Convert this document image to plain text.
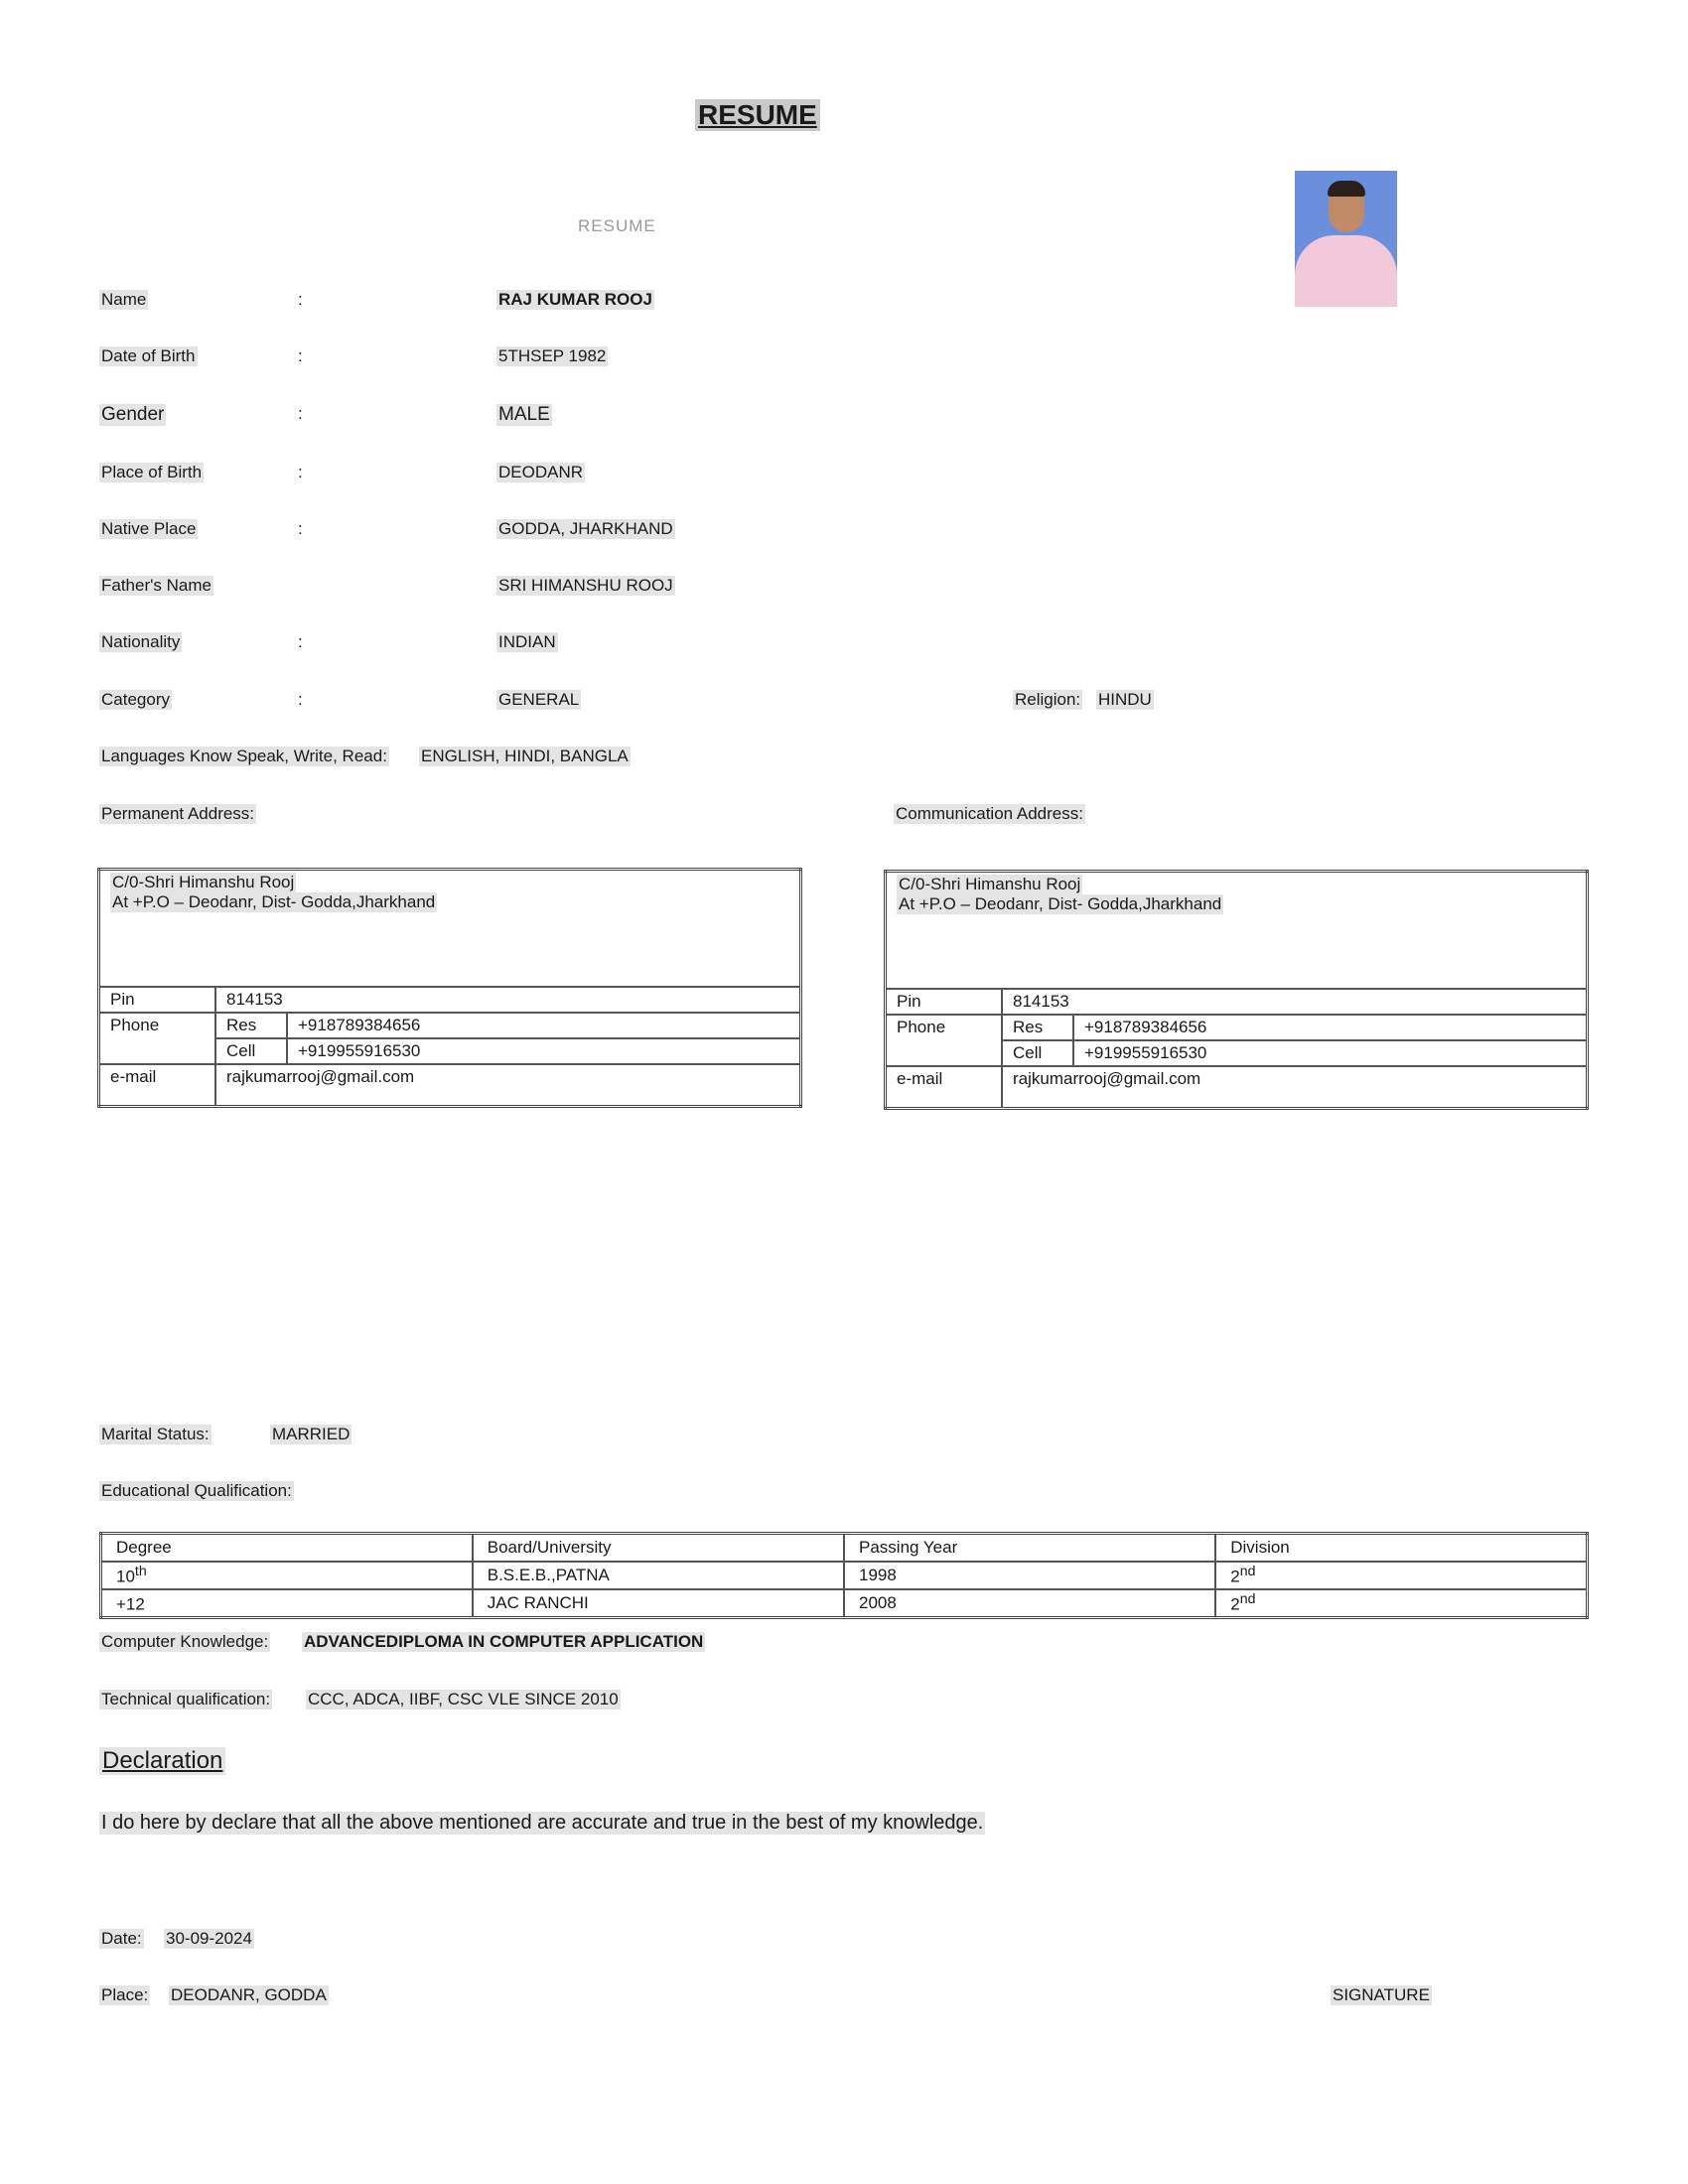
RESUME
RESUME
Name	:	RAJ KUMAR ROOJ
Date of Birth	:	5THSEP 1982
Gender	:	MALE
Place of Birth	:	DEODANR
Native Place	:	GODDA, JHARKHAND
Father's Name	SRI HIMANSHU ROOJ
Nationality	:	INDIAN
Category	:	GENERAL	Religion: HINDU
Languages Know Speak, Write, Read: ENGLISH, HINDI, BANGLA
Permanent Address:	Communication Address:
C/0-Shri Himanshu Rooj
At +P.O – Deodanr, Dist- Godda,Jharkhand		
Pin	814153	
Phone	Res	+918789384656
	Cell	+919955916530
e-mail	rajkumarrooj@gmail.com	
C/0-Shri Himanshu Rooj
At +P.O – Deodanr, Dist- Godda,Jharkhand		
Pin	814153	
Phone	Res	+918789384656
	Cell	+919955916530
e-mail	rajkumarrooj@gmail.com	
Marital Status:	MARRIED
Educational Qualification:
Degree	Board/University	Passing Year	Division
10th	B.S.E.B.,PATNA	1998	2nd
+12	JAC RANCHI	2008	2nd
Computer Knowledge: ADVANCEDIPLOMA IN COMPUTER APPLICATION
Technical qualification: CCC, ADCA, IIBF, CSC VLE SINCE 2010
Declaration
I do here by declare that all the above mentioned are accurate and true in the best of my knowledge.
Date: 30-09-2024
Place: DEODANR, GODDA	SIGNATURE
